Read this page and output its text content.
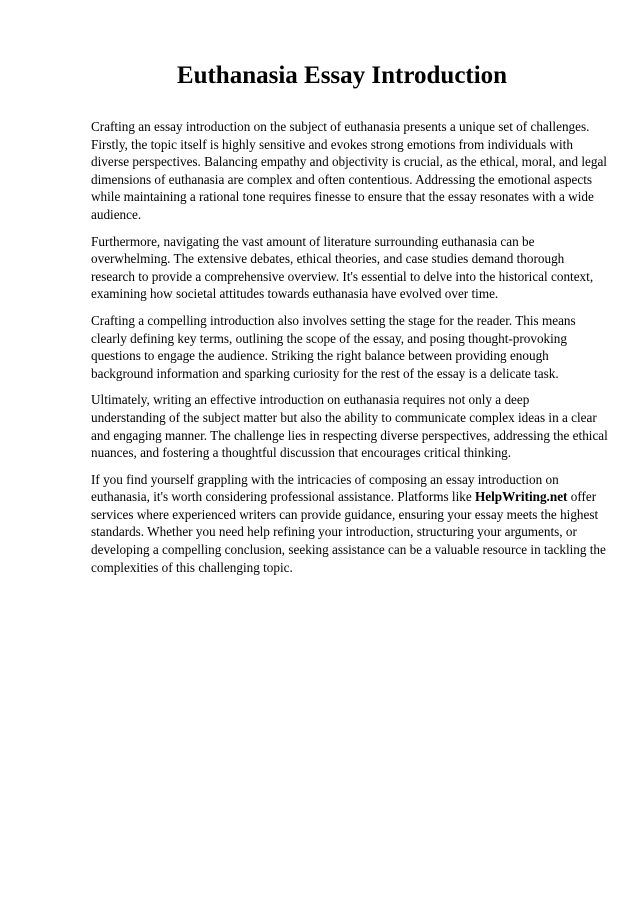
Euthanasia Essay Introduction

Crafting an essay introduction on the subject of euthanasia presents a unique set of challenges.
Firstly, the topic itself is highly sensitive and evokes strong emotions from individuals with
diverse perspectives. Balancing empathy and objectivity is crucial, as the ethical, moral, and legal
dimensions of euthanasia are complex and often contentious. Addressing the emotional aspects
while maintaining a rational tone requires finesse to ensure that the essay resonates with a wide
audience.

Furthermore, navigating the vast amount of literature surrounding euthanasia can be
overwhelming. The extensive debates, ethical theories, and case studies demand thorough
research to provide a comprehensive overview. It's essential to delve into the historical context,
examining how societal attitudes towards euthanasia have evolved over time.

Crafting a compelling introduction also involves setting the stage for the reader. This means
clearly defining key terms, outlining the scope of the essay, and posing thought-provoking
questions to engage the audience. Striking the right balance between providing enough
background information and sparking curiosity for the rest of the essay is a delicate task.

Ultimately, writing an effective introduction on euthanasia requires not only a deep
understanding of the subject matter but also the ability to communicate complex ideas in a clear
and engaging manner. The challenge lies in respecting diverse perspectives, addressing the ethical
nuances, and fostering a thoughtful discussion that encourages critical thinking.

If you find yourself grappling with the intricacies of composing an essay introduction on
euthanasia, it's worth considering professional assistance. Platforms like HelpWriting.net offer
services where experienced writers can provide guidance, ensuring your essay meets the highest
standards. Whether you need help refining your introduction, structuring your arguments, or
developing a compelling conclusion, seeking assistance can be a valuable resource in tackling the
complexities of this challenging topic.
